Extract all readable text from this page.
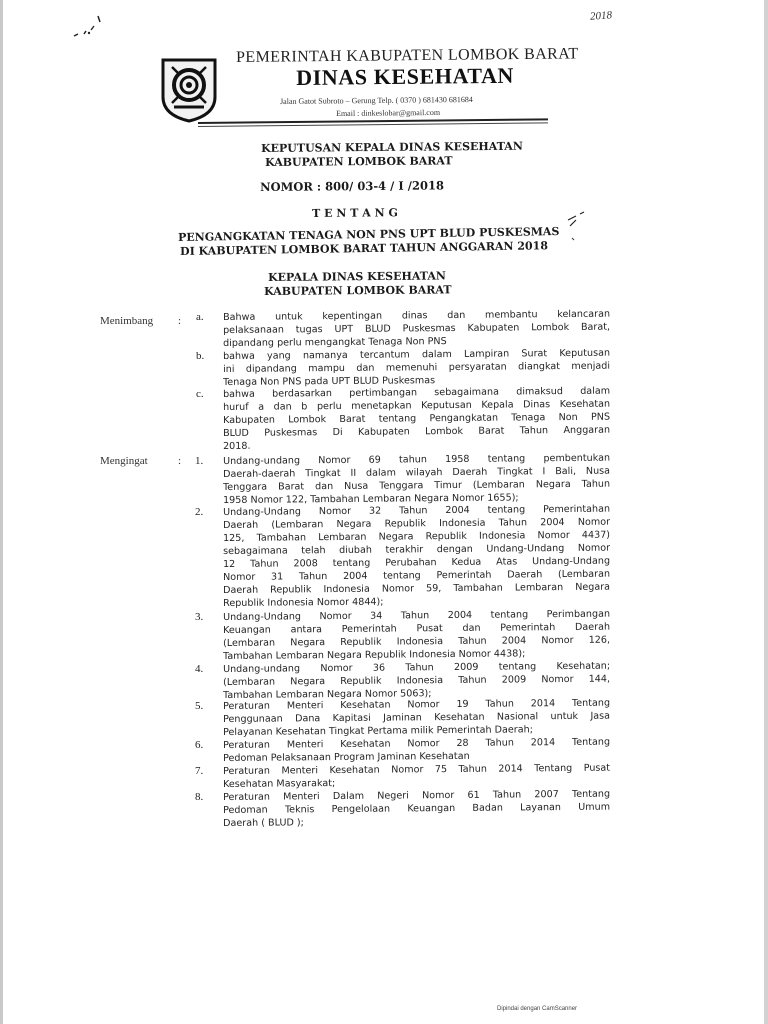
2018
PEMERINTAH KABUPATEN LOMBOK BARAT
DINAS KESEHATAN
Jalan Gatot Subroto – Gerung Telp. ( 0370 ) 681430 681684
Email : dinkeslobar@gmail.com
KEPUTUSAN KEPALA DINAS KESEHATAN
KABUPATEN LOMBOK BARAT
NOMOR : 800/ 03-4 / I /2018
T E N T A N G
PENGANGKATAN TENAGA NON PNS UPT BLUD PUSKESMAS
DI KABUPATEN LOMBOK BARAT TAHUN ANGGARAN 2018
KEPALA DINAS KESEHATAN
KABUPATEN LOMBOK BARAT
Menimbang :
Mengingat	:
a. Bahwa untuk kepentingan dinas dan membantu kelancaran
pelaksanaan tugas UPT BLUD Puskesmas Kabupaten Lombok Barat,
dipandang perlu mengangkat Tenaga Non PNS
b. bahwa yang namanya tercantum dalam Lampiran Surat Keputusan
ini dipandang mampu dan memenuhi persyaratan diangkat menjadi
Tenaga Non PNS pada UPT BLUD Puskesmas
c. bahwa berdasarkan pertimbangan sebagaimana dimaksud dalam
huruf a dan b perlu menetapkan Keputusan Kepala Dinas Kesehatan
Kabupaten Lombok Barat tentang Pengangkatan Tenaga Non PNS
BLUD Puskesmas Di Kabupaten Lombok Barat Tahun Anggaran
2018.
1. Undang-undang Nomor 69 tahun 1958 tentang pembentukan
Daerah-daerah Tingkat II dalam wilayah Daerah Tingkat I Bali, Nusa
Tenggara Barat dan Nusa Tenggara Timur (Lembaran Negara Tahun
1958 Nomor 122, Tambahan Lembaran Negara Nomor 1655);
2. Undang-Undang Nomor 32 Tahun 2004 tentang Pemerintahan
Daerah (Lembaran Negara Republik Indonesia Tahun 2004 Nomor
125, Tambahan Lembaran Negara Republik Indonesia Nomor 4437)
sebagaimana telah diubah terakhir dengan Undang-Undang Nomor
12 Tahun 2008 tentang Perubahan Kedua Atas Undang-Undang
Nomor 31 Tahun 2004 tentang Pemerintah Daerah (Lembaran
Daerah Republik Indonesia Nomor 59, Tambahan Lembaran Negara
Republik Indonesia Nomor 4844);
3. Undang-Undang Nomor 34 Tahun 2004 tentang Perimbangan
Keuangan antara Pemerintah Pusat dan Pemerintah Daerah
(Lembaran Negara Republik Indonesia Tahun 2004 Nomor 126,
Tambahan Lembaran Negara Republik Indonesia Nomor 4438);
4. Undang-undang Nomor 36 Tahun 2009 tentang Kesehatan;
(Lembaran Negara Republik Indonesia Tahun 2009 Nomor 144,
Tambahan Lembaran Negara Nomor 5063);
5. Peraturan Menteri Kesehatan Nomor 19 Tahun 2014 Tentang
Penggunaan Dana Kapitasi Jaminan Kesehatan Nasional untuk Jasa
Pelayanan Kesehatan Tingkat Pertama milik Pemerintah Daerah;
6. Peraturan Menteri Kesehatan Nomor 28 Tahun 2014 Tentang
Pedoman Pelaksanaan Program Jaminan Kesehatan
7. Peraturan Menteri Kesehatan Nomor 75 Tahun 2014 Tentang Pusat
Kesehatan Masyarakat;
8. Peraturan Menteri Dalam Negeri Nomor 61 Tahun 2007 Tentang
Pedoman Teknis Pengelolaan Keuangan Badan Layanan Umum
Daerah ( BLUD );
Dipindai dengan CamScanner
